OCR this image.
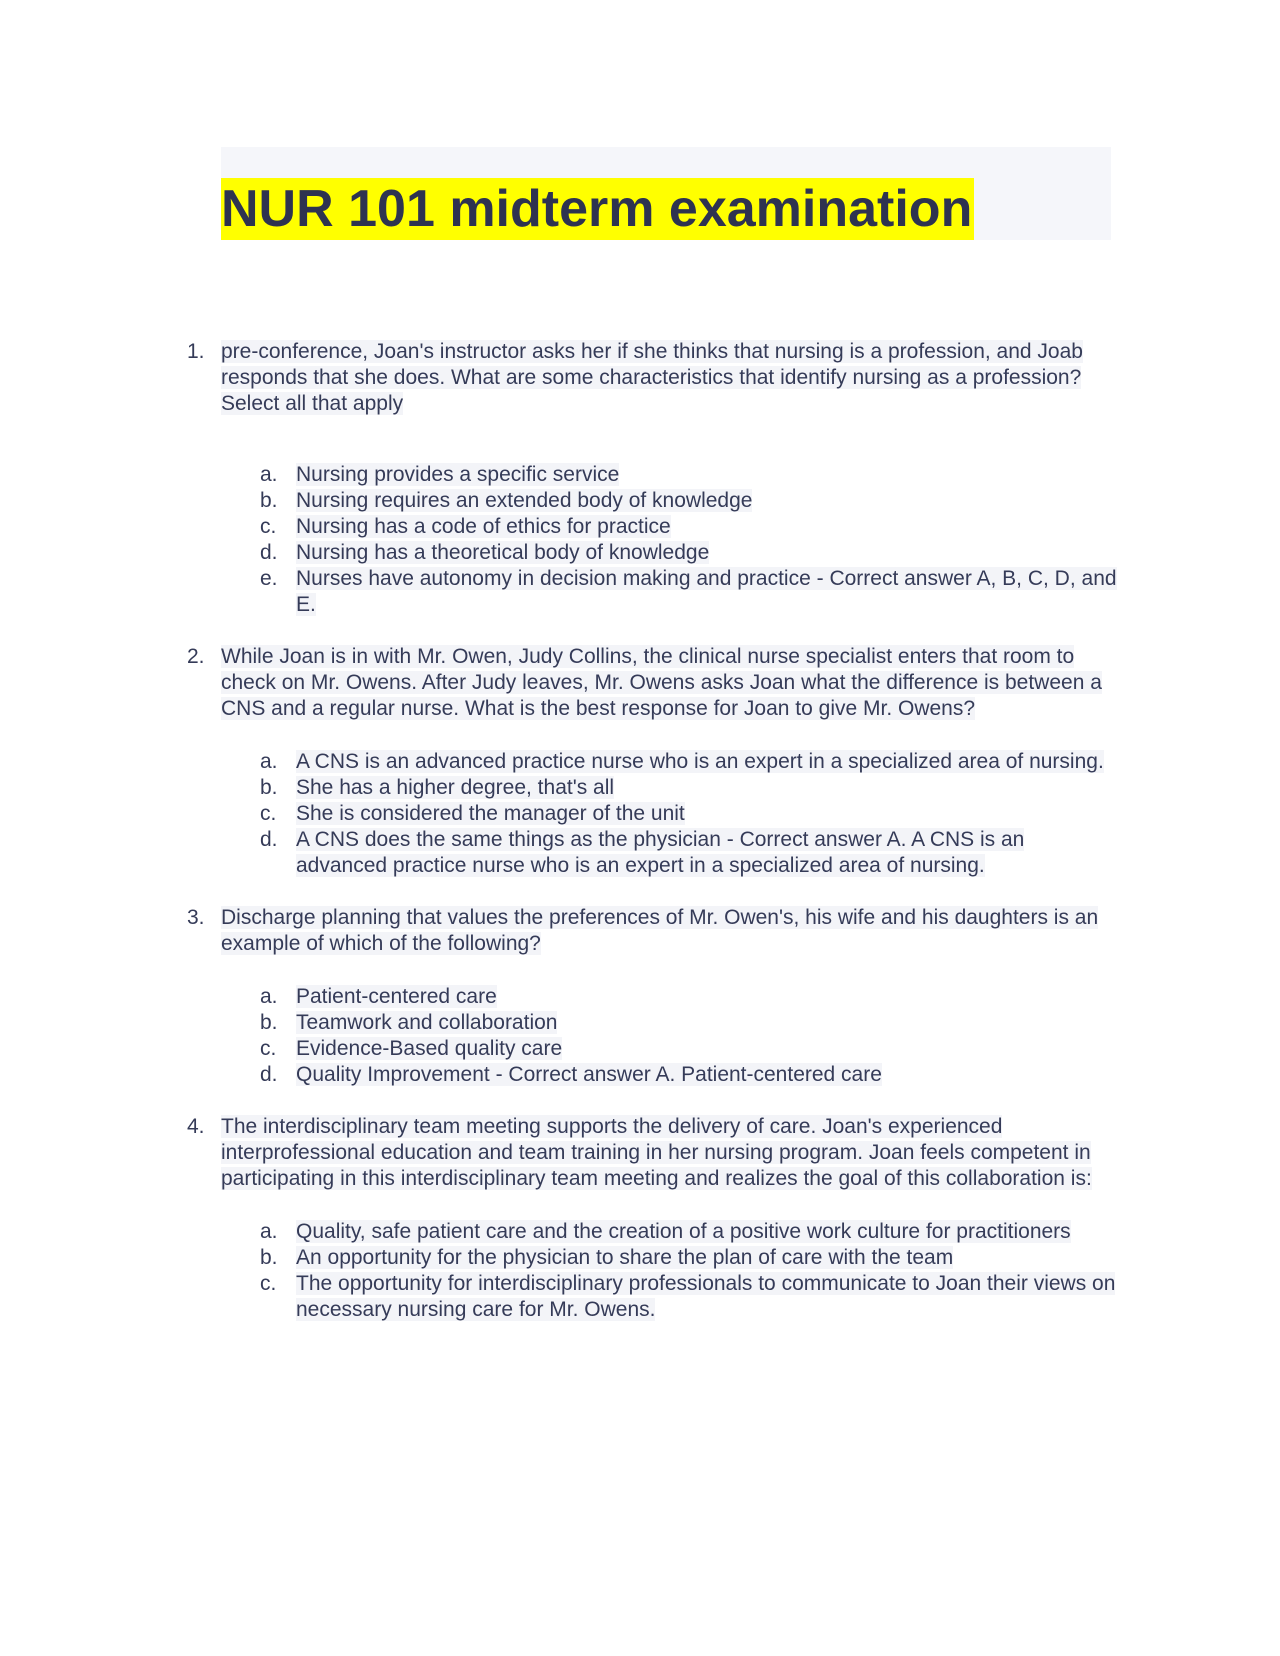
NUR 101 midterm examination
1. pre-conference, Joan's instructor asks her if she thinks that nursing is a profession, and Joab responds that she does. What are some characteristics that identify nursing as a profession? Select all that apply
a. Nursing provides a specific service
b. Nursing requires an extended body of knowledge
c. Nursing has a code of ethics for practice
d. Nursing has a theoretical body of knowledge
e. Nurses have autonomy in decision making and practice - Correct answer A, B, C, D, and E.
2. While Joan is in with Mr. Owen, Judy Collins, the clinical nurse specialist enters that room to check on Mr. Owens. After Judy leaves, Mr. Owens asks Joan what the difference is between a CNS and a regular nurse. What is the best response for Joan to give Mr. Owens?
a. A CNS is an advanced practice nurse who is an expert in a specialized area of nursing.
b. She has a higher degree, that's all
c. She is considered the manager of the unit
d. A CNS does the same things as the physician - Correct answer A. A CNS is an advanced practice nurse who is an expert in a specialized area of nursing.
3. Discharge planning that values the preferences of Mr. Owen's, his wife and his daughters is an example of which of the following?
a. Patient-centered care
b. Teamwork and collaboration
c. Evidence-Based quality care
d. Quality Improvement - Correct answer A. Patient-centered care
4. The interdisciplinary team meeting supports the delivery of care. Joan's experienced interprofessional education and team training in her nursing program. Joan feels competent in participating in this interdisciplinary team meeting and realizes the goal of this collaboration is:
a. Quality, safe patient care and the creation of a positive work culture for practitioners
b. An opportunity for the physician to share the plan of care with the team
c. The opportunity for interdisciplinary professionals to communicate to Joan their views on necessary nursing care for Mr. Owens.
